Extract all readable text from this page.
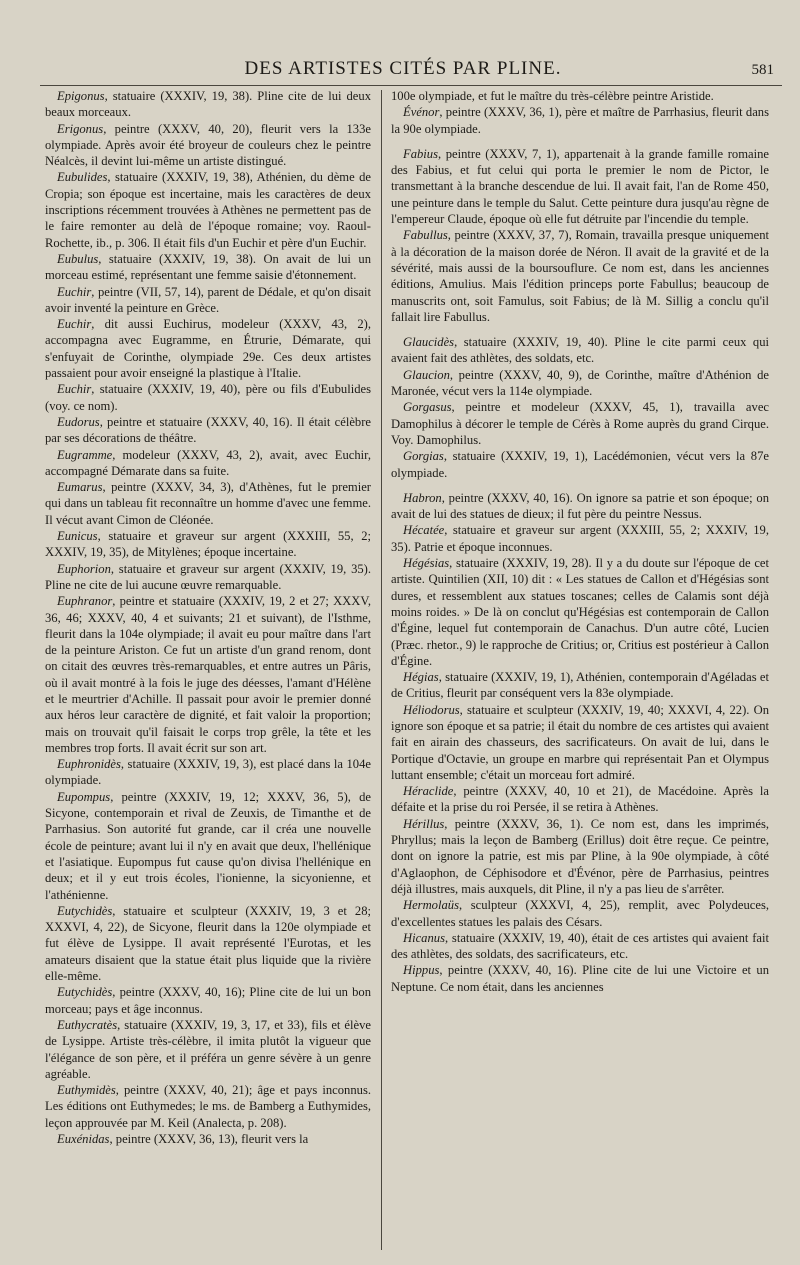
DES ARTISTES CITÉS PAR PLINE.	581

Epigonus, statuaire (XXXIV, 19, 38). Pline cite de lui deux beaux morceaux.

Erigonus, peintre (XXXV, 40, 20), fleurit vers la 133e olympiade. Après avoir été broyeur de couleurs chez le peintre Néalcès, il devint lui-même un artiste distingué.

Eubulides, statuaire (XXXIV, 19, 38), Athénien, du dème de Cropia; son époque est incertaine, mais les caractères de deux inscriptions récemment trouvées à Athènes ne permettent pas de le faire remonter au delà de l'époque romaine; voy. Raoul-Rochette, ib., p. 306. Il était fils d'un Euchir et père d'un Euchir.

Eubulus, statuaire (XXXIV, 19, 38). On avait de lui un morceau estimé, représentant une femme saisie d'étonnement.

Euchir, peintre (VII, 57, 14), parent de Dédale, et qu'on disait avoir inventé la peinture en Grèce.

Euchir, dit aussi Euchirus, modeleur (XXXV, 43, 2), accompagna avec Eugramme, en Étrurie, Démarate, qui s'enfuyait de Corinthe, olympiade 29e. Ces deux artistes passaient pour avoir enseigné la plastique à l'Italie.

Euchir, statuaire (XXXIV, 19, 40), père ou fils d'Eubulides (voy. ce nom).

Eudorus, peintre et statuaire (XXXV, 40, 16). Il était célèbre par ses décorations de théâtre.

Eugramme, modeleur (XXXV, 43, 2), avait, avec Euchir, accompagné Démarate dans sa fuite.

Eumarus, peintre (XXXV, 34, 3), d'Athènes, fut le premier qui dans un tableau fit reconnaître un homme d'avec une femme. Il vécut avant Cimon de Cléonée.

Eunicus, statuaire et graveur sur argent (XXXIII, 55, 2; XXXIV, 19, 35), de Mitylènes; époque incertaine.

Euphorion, statuaire et graveur sur argent (XXXIV, 19, 35). Pline ne cite de lui aucune œuvre remarquable.

Euphranor, peintre et statuaire (XXXIV, 19, 2 et 27; XXXV, 36, 46; XXXV, 40, 4 et suivants; 21 et suivant), de l'Isthme, fleurit dans la 104e olympiade; il avait eu pour maître dans l'art de la peinture Ariston. Ce fut un artiste d'un grand renom, dont on citait des œuvres très-remarquables, et entre autres un Pâris, où il avait montré à la fois le juge des déesses, l'amant d'Hélène et le meurtrier d'Achille. Il passait pour avoir le premier donné aux héros leur caractère de dignité, et fait valoir la proportion; mais on trouvait qu'il faisait le corps trop grêle, la tête et les membres trop forts. Il avait écrit sur son art.

Euphronidès, statuaire (XXXIV, 19, 3), est placé dans la 104e olympiade.

Eupompus, peintre (XXXIV, 19, 12; XXXV, 36, 5), de Sicyone, contemporain et rival de Zeuxis, de Timanthe et de Parrhasius. Son autorité fut grande, car il créa une nouvelle école de peinture; avant lui il n'y en avait que deux, l'hellénique et l'asiatique. Eupompus fut cause qu'on divisa l'hellénique en deux; et il y eut trois écoles, l'ionienne, la sicyonienne, et l'athénienne.

Eutychidès, statuaire et sculpteur (XXXIV, 19, 3 et 28; XXXVI, 4, 22), de Sicyone, fleurit dans la 120e olympiade et fut élève de Lysippe. Il avait représenté l'Eurotas, et les amateurs disaient que la statue était plus liquide que la rivière elle-même.

Eutychidès, peintre (XXXV, 40, 16); Pline cite de lui un bon morceau; pays et âge inconnus.

Euthycratès, statuaire (XXXIV, 19, 3, 17, et 33), fils et élève de Lysippe. Artiste très-célèbre, il imita plutôt la vigueur que l'élégance de son père, et il préféra un genre sévère à un genre agréable.

Euthymidès, peintre (XXXV, 40, 21); âge et pays inconnus. Les éditions ont Euthymedes; le ms. de Bamberg a Euthymides, leçon approuvée par M. Keil (Analecta, p. 208).

Euxénidas, peintre (XXXV, 36, 13), fleurit vers la

100e olympiade, et fut le maître du très-célèbre peintre Aristide.

Événor, peintre (XXXV, 36, 1), père et maître de Parrhasius, fleurit dans la 90e olympiade.

Fabius, peintre (XXXV, 7, 1), appartenait à la grande famille romaine des Fabius, et fut celui qui porta le premier le nom de Pictor, le transmettant à la branche descendue de lui. Il avait fait, l'an de Rome 450, une peinture dans le temple du Salut. Cette peinture dura jusqu'au règne de l'empereur Claude, époque où elle fut détruite par l'incendie du temple.

Fabullus, peintre (XXXV, 37, 7), Romain, travailla presque uniquement à la décoration de la maison dorée de Néron. Il avait de la gravité et de la sévérité, mais aussi de la boursouflure. Ce nom est, dans les anciennes éditions, Amulius. Mais l'édition princeps porte Fabullus; beaucoup de manuscrits ont, soit Famulus, soit Fabius; de là M. Sillig a conclu qu'il fallait lire Fabullus.

Glaucidès, statuaire (XXXIV, 19, 40). Pline le cite parmi ceux qui avaient fait des athlètes, des soldats, etc.

Glaucion, peintre (XXXV, 40, 9), de Corinthe, maître d'Athénion de Maronée, vécut vers la 114e olympiade.

Gorgasus, peintre et modeleur (XXXV, 45, 1), travailla avec Damophilus à décorer le temple de Cérès à Rome auprès du grand Cirque. Voy. Damophilus.

Gorgias, statuaire (XXXIV, 19, 1), Lacédémonien, vécut vers la 87e olympiade.

Habron, peintre (XXXV, 40, 16). On ignore sa patrie et son époque; on avait de lui des statues de dieux; il fut père du peintre Nessus.

Hécatée, statuaire et graveur sur argent (XXXIII, 55, 2; XXXIV, 19, 35). Patrie et époque inconnues.

Hégésias, statuaire (XXXIV, 19, 28). Il y a du doute sur l'époque de cet artiste. Quintilien (XII, 10) dit : « Les statues de Callon et d'Hégésias sont dures, et ressemblent aux statues toscanes; celles de Calamis sont déjà moins roides. » De là on conclut qu'Hégésias est contemporain de Callon d'Égine, lequel fut contemporain de Canachus. D'un autre côté, Lucien (Præc. rhetor., 9) le rapproche de Critius; or, Critius est postérieur à Callon d'Égine.

Hégias, statuaire (XXXIV, 19, 1), Athénien, contemporain d'Agéladas et de Critius, fleurit par conséquent vers la 83e olympiade.

Héliodorus, statuaire et sculpteur (XXXIV, 19, 40; XXXVI, 4, 22). On ignore son époque et sa patrie; il était du nombre de ces artistes qui avaient fait en airain des chasseurs, des sacrificateurs. On avait de lui, dans le Portique d'Octavie, un groupe en marbre qui représentait Pan et Olympus luttant ensemble; c'était un morceau fort admiré.

Héraclide, peintre (XXXV, 40, 10 et 21), de Macédoine. Après la défaite et la prise du roi Persée, il se retira à Athènes.

Hérillus, peintre (XXXV, 36, 1). Ce nom est, dans les imprimés, Phryllus; mais la leçon de Bamberg (Erillus) doit être reçue. Ce peintre, dont on ignore la patrie, est mis par Pline, à la 90e olympiade, à côté d'Aglaophon, de Céphisodore et d'Événor, père de Parrhasius, peintres déjà illustres, mais auxquels, dit Pline, il n'y a pas lieu de s'arrêter.

Hermolaüs, sculpteur (XXXVI, 4, 25), remplit, avec Polydeuces, d'excellentes statues les palais des Césars.

Hicanus, statuaire (XXXIV, 19, 40), était de ces artistes qui avaient fait des athlètes, des soldats, des sacrificateurs, etc.

Hippus, peintre (XXXV, 40, 16). Pline cite de lui une Victoire et un Neptune. Ce nom était, dans les anciennes
